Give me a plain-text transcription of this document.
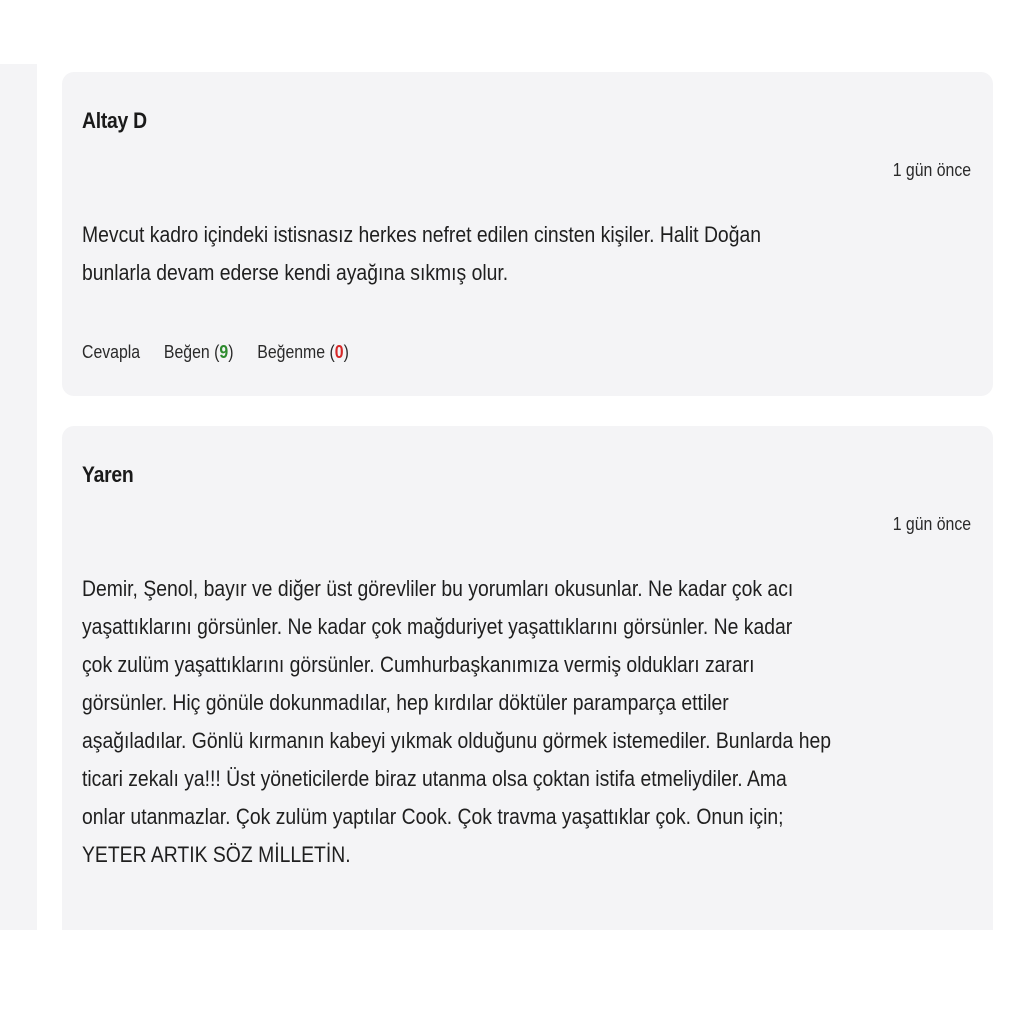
Altay D
1 gün önce
Mevcut kadro içindeki istisnasız herkes nefret edilen cinsten kişiler. Halit Doğan
bunlarla devam ederse kendi ayağına sıkmış olur.
Cevapla Beğen (9) Beğenme (0)
Yaren
1 gün önce
Demir, Şenol, bayır ve diğer üst görevliler bu yorumları okusunlar. Ne kadar çok acı
yaşattıklarını görsünler. Ne kadar çok mağduriyet yaşattıklarını görsünler. Ne kadar
çok zulüm yaşattıklarını görsünler. Cumhurbaşkanımıza vermiş oldukları zararı
görsünler. Hiç gönüle dokunmadılar, hep kırdılar döktüler paramparça ettiler
aşağıladılar. Gönlü kırmanın kabeyi yıkmak olduğunu görmek istemediler. Bunlarda hep
ticari zekalı ya!!! Üst yöneticilerde biraz utanma olsa çoktan istifa etmeliydiler. Ama
onlar utanmazlar. Çok zulüm yaptılar Cook. Çok travma yaşattıklar çok. Onun için;
YETER ARTIK SÖZ MİLLETİN.
